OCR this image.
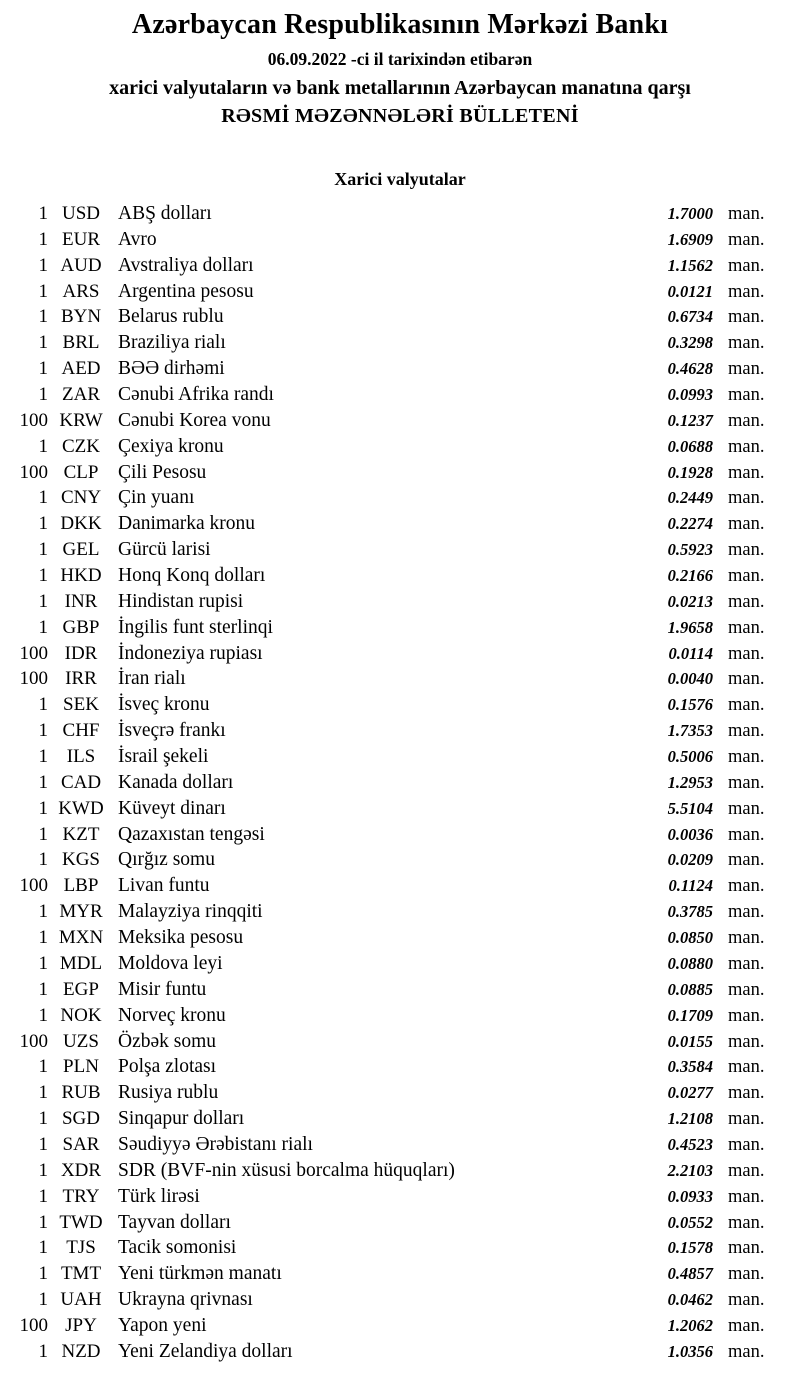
Azərbaycan Respublikasının Mərkəzi Bankı
06.09.2022 -ci il tarixindən etibarən
xarici valyutaların və bank metallarının Azərbaycan manatına qarşı
RƏSMİ MƏZƏNNƏLƏRİ BÜLLETENİ
Xarici valyutalar
1 USD ABŞ dolları	1.7000 man.
1 EUR Avro	1.6909 man.
1 AUD Avstraliya dolları	1.1562 man.
1 ARS Argentina pesosu	0.0121 man.
1 BYN Belarus rublu	0.6734 man.
1 BRL Braziliya rialı	0.3298 man.
1 AED BƏƏ dirhəmi	0.4628 man.
1 ZAR Cənubi Afrika randı	0.0993 man.
100 KRW Cənubi Korea vonu	0.1237 man.
1 CZK Çexiya kronu	0.0688 man.
100 CLP	Çili Pesosu	0.1928 man.
1 CNY Çin yuanı	0.2449 man.
1 DKK Danimarka kronu	0.2274 man.
1 GEL Gürcü larisi	0.5923 man.
1 HKD Honq Konq dolları	0.2166 man.
1 INR	Hindistan rupisi	0.0213 man.
1 GBP İngilis funt sterlinqi	1.9658 man.
100 IDR	İndoneziya rupiası	0.0114 man.
100 IRR	İran rialı	0.0040 man.
1 SEK İsveç kronu	0.1576 man.
1 CHF İsveçrə frankı	1.7353 man.
1 ILS	İsrail şekeli	0.5006 man.
1 CAD Kanada dolları	1.2953 man.
1 KWD Küveyt dinarı	5.5104 man.
1 KZT Qazaxıstan tengəsi	0.0036 man.
1 KGS Qırğız somu	0.0209 man.
100 LBP	Livan funtu	0.1124 man.
1 MYR Malayziya rinqqiti	0.3785 man.
1 MXN Meksika pesosu	0.0850 man.
1 MDL Moldova leyi	0.0880 man.
1 EGP Misir funtu	0.0885 man.
1 NOK Norveç kronu	0.1709 man.
100 UZS Özbək somu	0.0155 man.
1 PLN Polşa zlotası	0.3584 man.
1 RUB Rusiya rublu	0.0277 man.
1 SGD Sinqapur dolları	1.2108 man.
1 SAR Səudiyyə Ərəbistanı rialı	0.4523 man.
1 XDR SDR (BVF-nin xüsusi borcalma hüquqları)	2.2103 man.
1 TRY Türk lirəsi	0.0933 man.
1 TWD Tayvan dolları	0.0552 man.
1 TJS	Tacik somonisi	0.1578 man.
1 TMT Yeni türkmən manatı	0.4857 man.
1 UAH Ukrayna qrivnası	0.0462 man.
100 JPY	Yapon yeni	1.2062 man.
1 NZD Yeni Zelandiya dolları	1.0356 man.
